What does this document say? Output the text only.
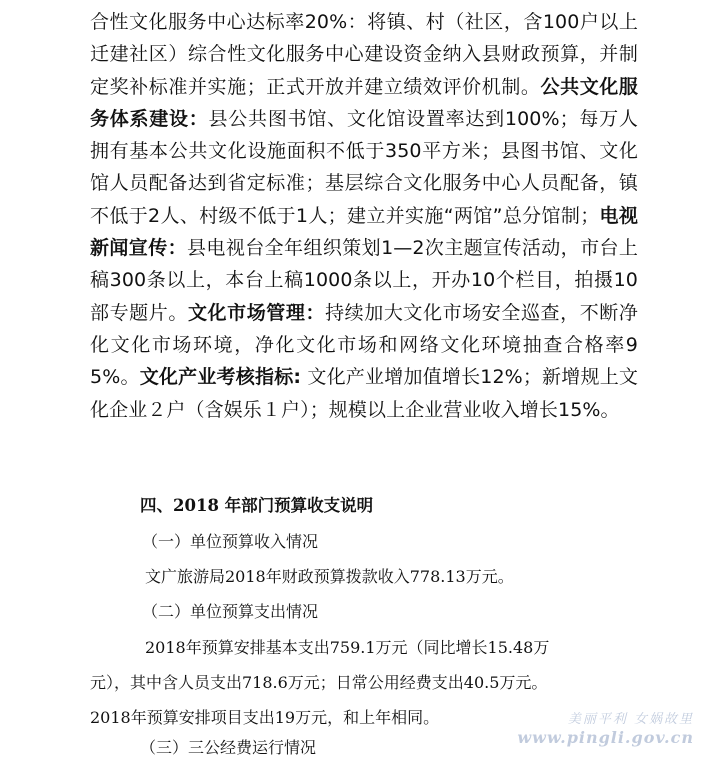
合性文化服务中心达标率20%：将镇、村（社区，含100户以上迁建社区）综合性文化服务中心建设资金纳入县财政预算，并制定奖补标准并实施；正式开放并建立绩效评价机制。公共文化服务体系建设：县公共图书馆、文化馆设置率达到100%；每万人拥有基本公共文化设施面积不低于350平方米；县图书馆、文化馆人员配备达到省定标准；基层综合文化服务中心人员配备，镇不低于2人、村级不低于1人；建立并实施“两馆”总分馆制；电视新闻宣传：县电视台全年组织策划1—2次主题宣传活动，市台上稿300条以上，本台上稿1000条以上，开办10个栏目，拍摄10部专题片。文化市场管理：持续加大文化市场安全巡查，不断净化文化市场环境，净化文化市场和网络文化环境抽查合格率95%。文化产业考核指标: 文化产业增加值增长12%；新增规上文化企业２户（含娱乐１户）；规模以上企业营业收入增长15%。

四、2018 年部门预算收支说明

（一）单位预算收入情况

文广旅游局2018年财政预算拨款收入778.13万元。

（二）单位预算支出情况

2018年预算安排基本支出759.1万元（同比增长15.48万

元），其中含人员支出718.6万元；日常公用经费支出40.5万元。

2018年预算安排项目支出19万元，和上年相同。

（三）三公经费运行情况

美丽平利 女娲故里
www.pingli.gov.cn
